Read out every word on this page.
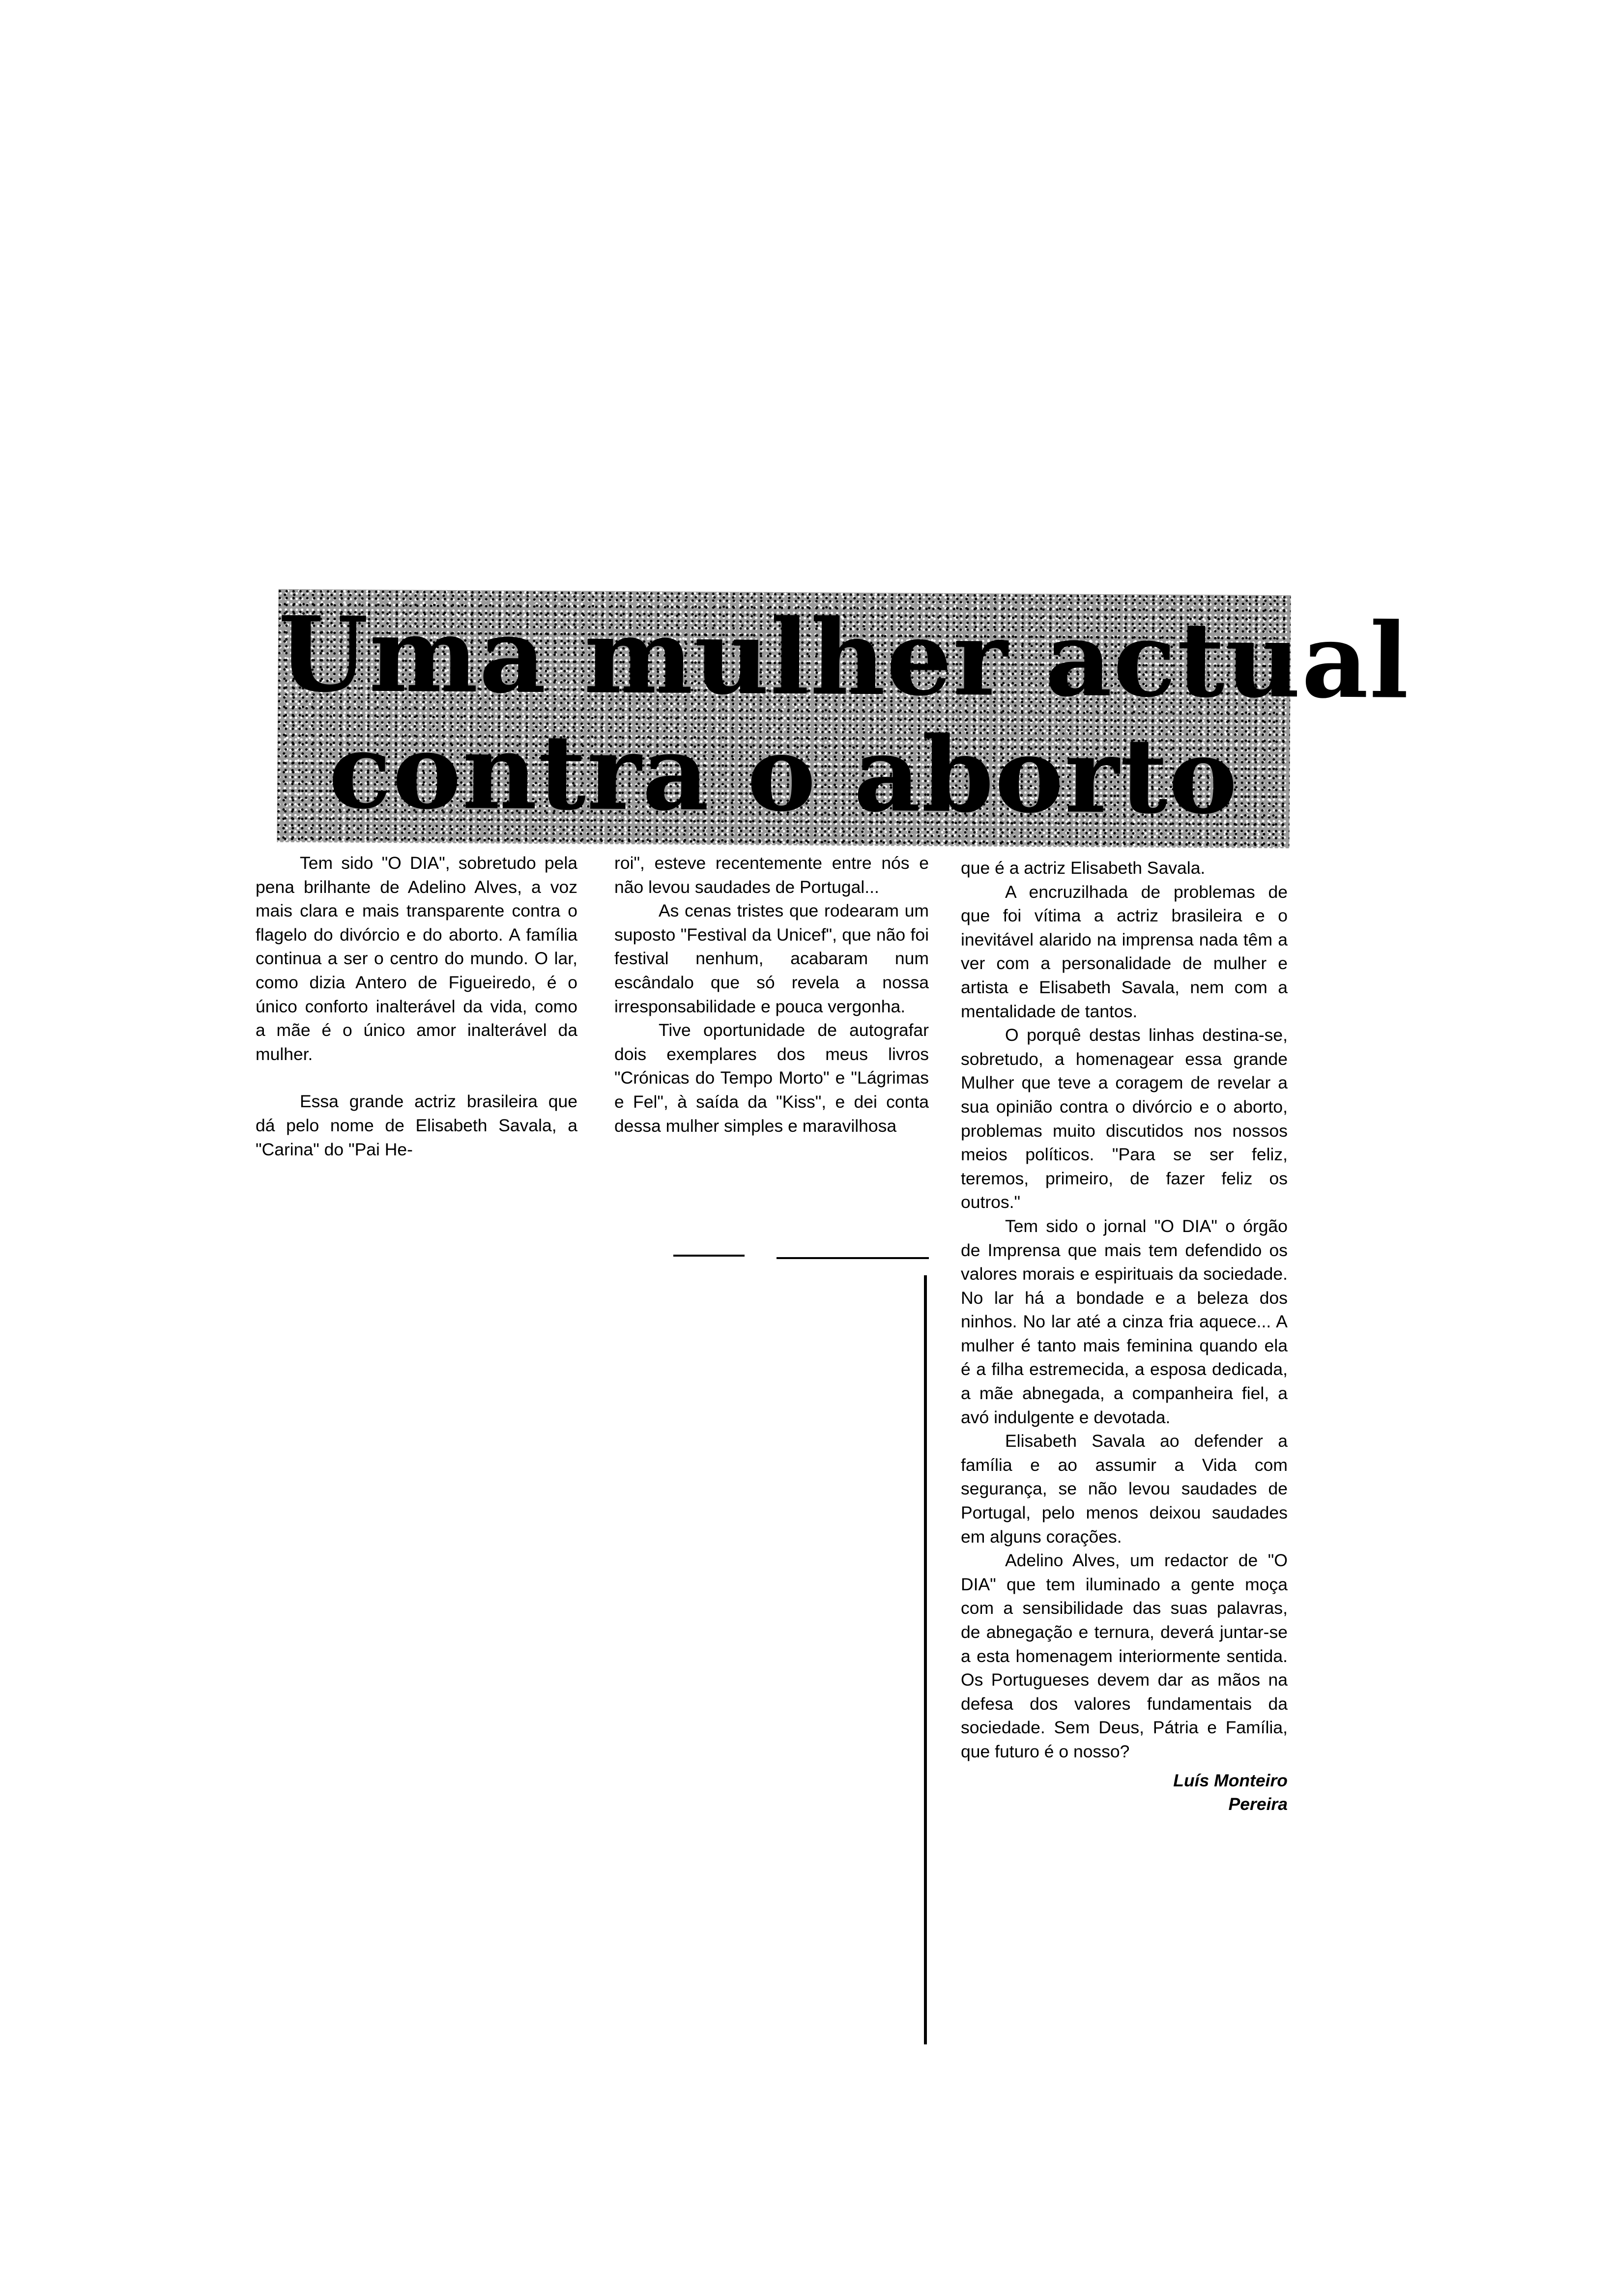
Uma mulher actual
contra o aborto

Tem sido "O DIA", sobretudo pela pena brilhante de Adelino Alves, a voz mais clara e mais transparente contra o flagelo do divórcio e do aborto. A família continua a ser o centro do mundo. O lar, como dizia Antero de Figueiredo, é o único conforto inalterável da vida, como a mãe é o único amor inalterável da mulher.

Essa grande actriz brasileira que dá pelo nome de Elisabeth Savala, a "Carina" do "Pai He-

roi", esteve recentemente entre nós e não levou saudades de Portugal...

As cenas tristes que rodearam um suposto "Festival da Unicef", que não foi festival nenhum, acabaram num escândalo que só revela a nossa irresponsabilidade e pouca vergonha.

Tive oportunidade de autografar dois exemplares dos meus livros "Crónicas do Tempo Morto" e "Lágrimas e Fel", à saída da "Kiss", e dei conta dessa mulher simples e maravilhosa

que é a actriz Elisabeth Savala.

A encruzilhada de problemas de que foi vítima a actriz brasileira e o inevitável alarido na imprensa nada têm a ver com a personalidade de mulher e artista e Elisabeth Savala, nem com a mentalidade de tantos.

O porquê destas linhas destina-se, sobretudo, a homenagear essa grande Mulher que teve a coragem de revelar a sua opinião contra o divórcio e o aborto, problemas muito discutidos nos nossos meios políticos. "Para se ser feliz, teremos, primeiro, de fazer feliz os outros."

Tem sido o jornal "O DIA" o órgão de Imprensa que mais tem defendido os valores morais e espirituais da sociedade. No lar há a bondade e a beleza dos ninhos. No lar até a cinza fria aquece... A mulher é tanto mais feminina quando ela é a filha estremecida, a esposa dedicada, a mãe abnegada, a companheira fiel, a avó indulgente e devotada.

Elisabeth Savala ao defender a família e ao assumir a Vida com segurança, se não levou saudades de Portugal, pelo menos deixou saudades em alguns corações.

Adelino Alves, um redactor de "O DIA" que tem iluminado a gente moça com a sensibilidade das suas palavras, de abnegação e ternura, deverá juntar-se a esta homenagem interiormente sentida. Os Portugueses devem dar as mãos na defesa dos valores fundamentais da sociedade. Sem Deus, Pátria e Família, que futuro é o nosso?

Luís Monteiro
Pereira
